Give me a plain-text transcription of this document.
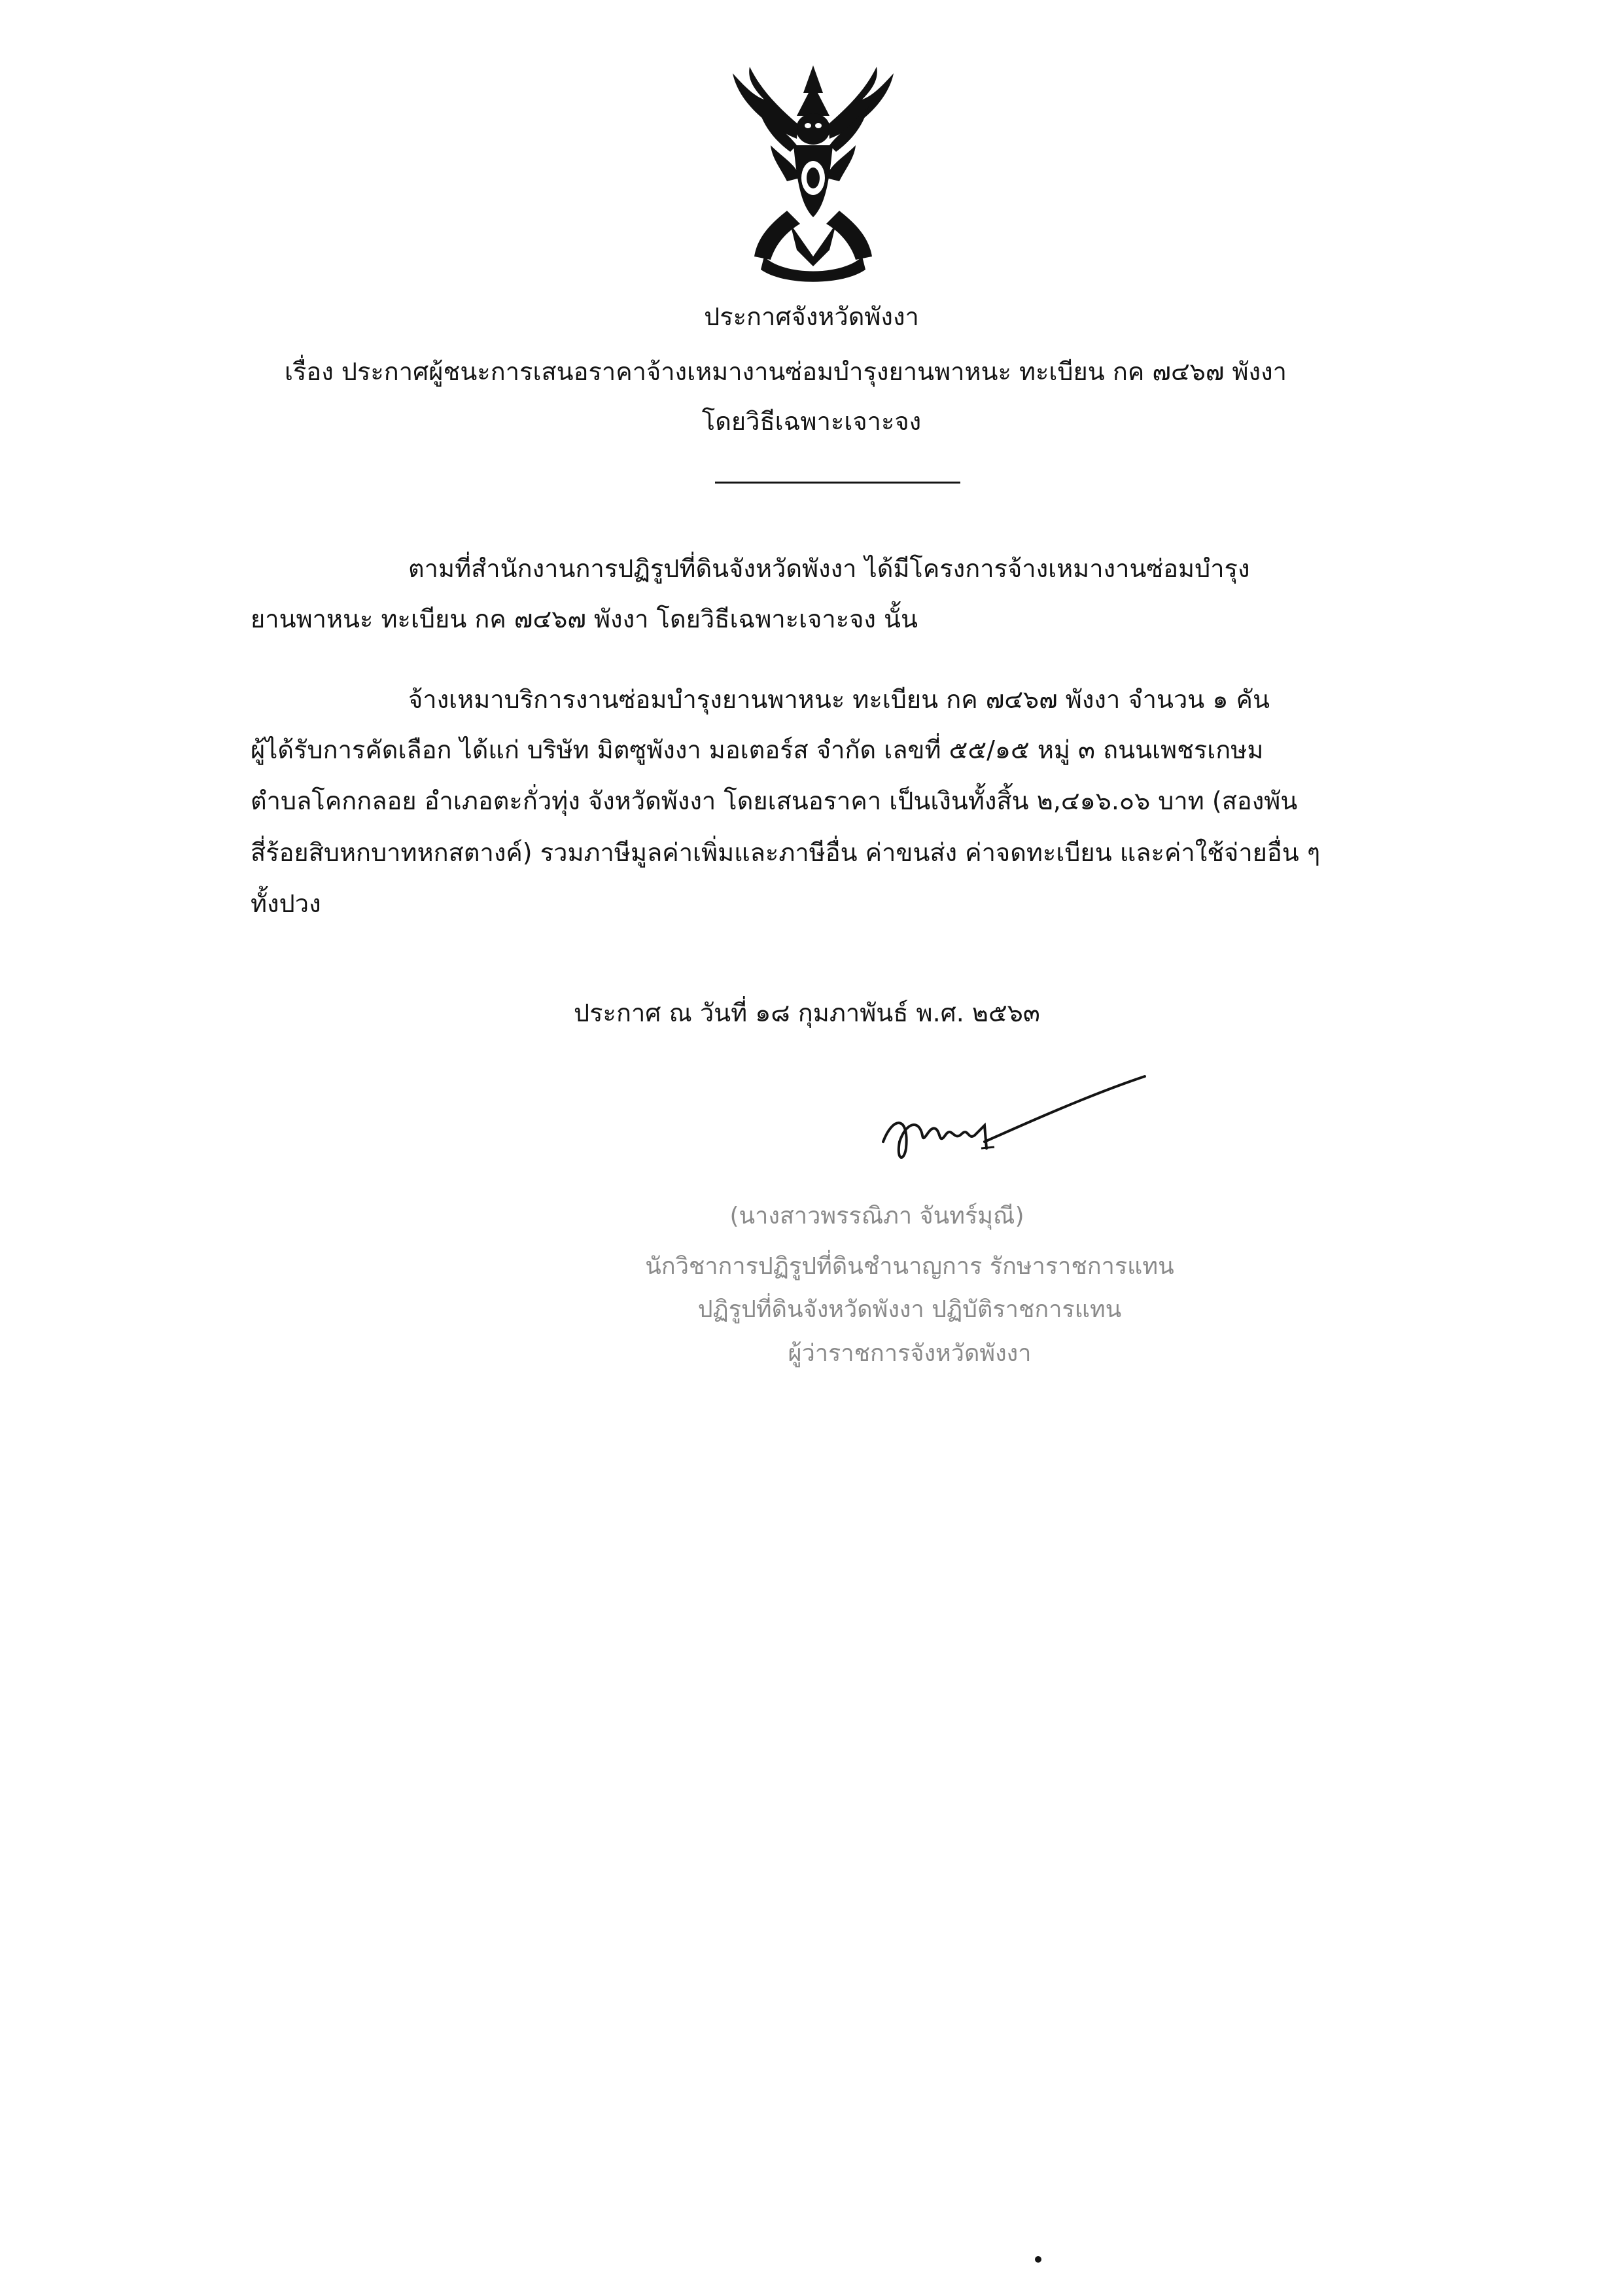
ประกาศจังหวัดพังงา
เรื่อง ประกาศผู้ชนะการเสนอราคาจ้างเหมางานซ่อมบำรุงยานพาหนะ ทะเบียน กค ๗๔๖๗ พังงา
โดยวิธีเฉพาะเจาะจง
ตามที่สำนักงานการปฏิรูปที่ดินจังหวัดพังงา ได้มีโครงการจ้างเหมางานซ่อมบำรุง
ยานพาหนะ ทะเบียน กค ๗๔๖๗ พังงา โดยวิธีเฉพาะเจาะจง นั้น
จ้างเหมาบริการงานซ่อมบำรุงยานพาหนะ ทะเบียน กค ๗๔๖๗ พังงา จำนวน ๑ คัน
ผู้ได้รับการคัดเลือก ได้แก่ บริษัท มิตซูพังงา มอเตอร์ส จำกัด เลขที่ ๕๕/๑๕ หมู่ ๓ ถนนเพชรเกษม
ตำบลโคกกลอย อำเภอตะกั่วทุ่ง จังหวัดพังงา โดยเสนอราคา เป็นเงินทั้งสิ้น ๒,๔๑๖.๐๖ บาท (สองพัน
สี่ร้อยสิบหกบาทหกสตางค์) รวมภาษีมูลค่าเพิ่มและภาษีอื่น ค่าขนส่ง ค่าจดทะเบียน และค่าใช้จ่ายอื่น ๆ
ทั้งปวง
ประกาศ ณ วันที่ ๑๘ กุมภาพันธ์ พ.ศ. ๒๕๖๓
(นางสาวพรรณิภา จันทร์มุณี)
นักวิชาการปฏิรูปที่ดินชำนาญการ รักษาราชการแทน
ปฏิรูปที่ดินจังหวัดพังงา ปฏิบัติราชการแทน
ผู้ว่าราชการจังหวัดพังงา
